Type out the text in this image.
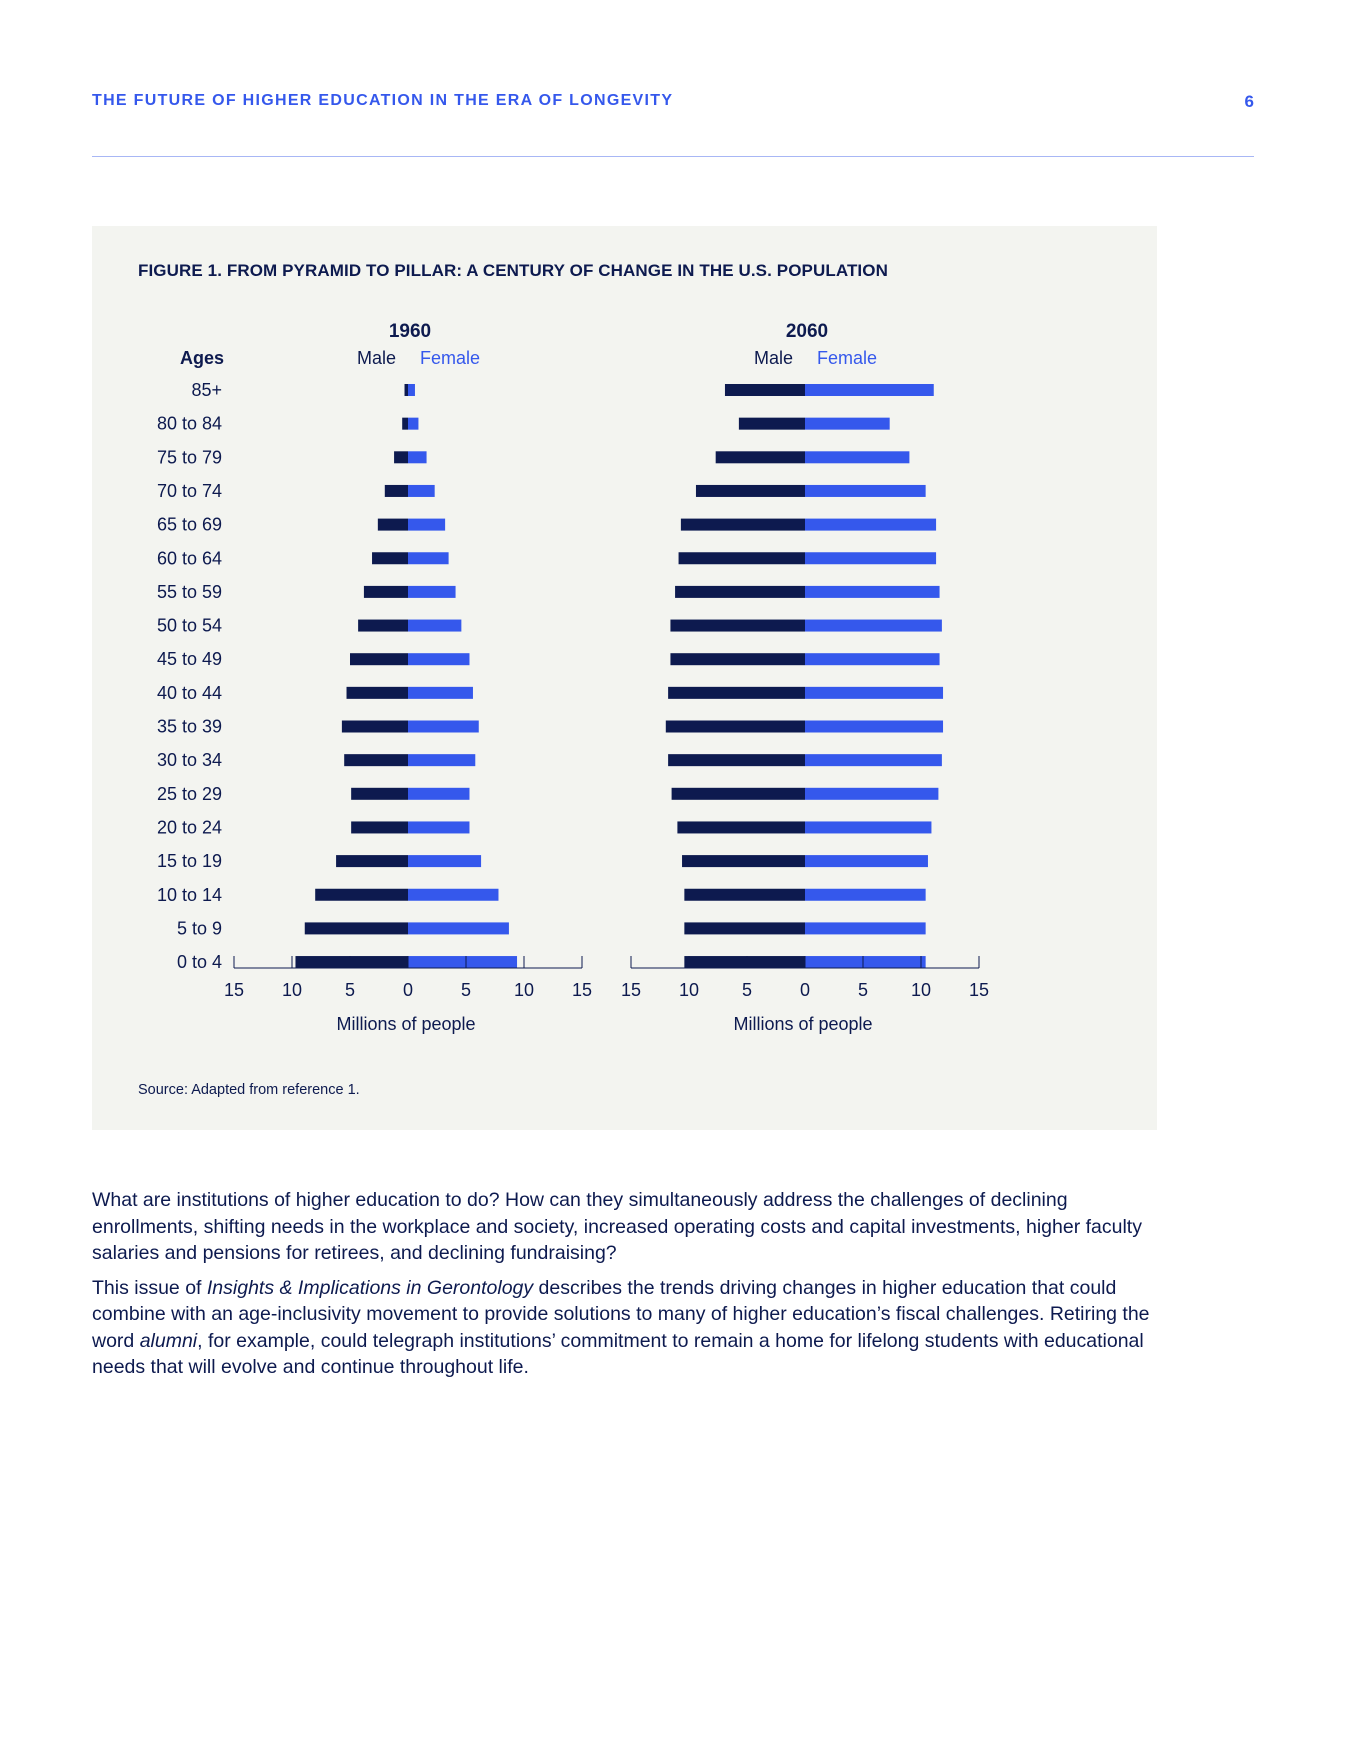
THE FUTURE OF HIGHER EDUCATION IN THE ERA OF LONGEVITY	6
FIGURE 1. FROM PYRAMID TO PILLAR: A CENTURY OF CHANGE IN THE U.S. POPULATION
Ages
85+
80 to 84
75 to 79
70 to 74
65 to 69
60 to 64
55 to 59
50 to 54
45 to 49
40 to 44
35 to 39
30 to 34
25 to 29
20 to 24
15 to 19
10 to 14
5 to 9
0 to 4
1960
Male Female
15 10 5	0	5 10 15
Millions of people
2060
Male Female
15 10 5	0	5 10 15
Millions of people
Source: Adapted from reference 1.

What are institutions of higher education to do? How can they simultaneously address the challenges of declining enrollments, shifting needs in the workplace and society, increased operating costs and capital investments, higher faculty salaries and pensions for retirees, and declining fundraising?

This issue of Insights & Implications in Gerontology describes the trends driving changes in higher education that could combine with an age-inclusivity movement to provide solutions to many of higher education’s fiscal challenges. Retiring the word alumni, for example, could telegraph institutions’ commitment to remain a home for lifelong students with educational needs that will evolve and continue throughout life.
